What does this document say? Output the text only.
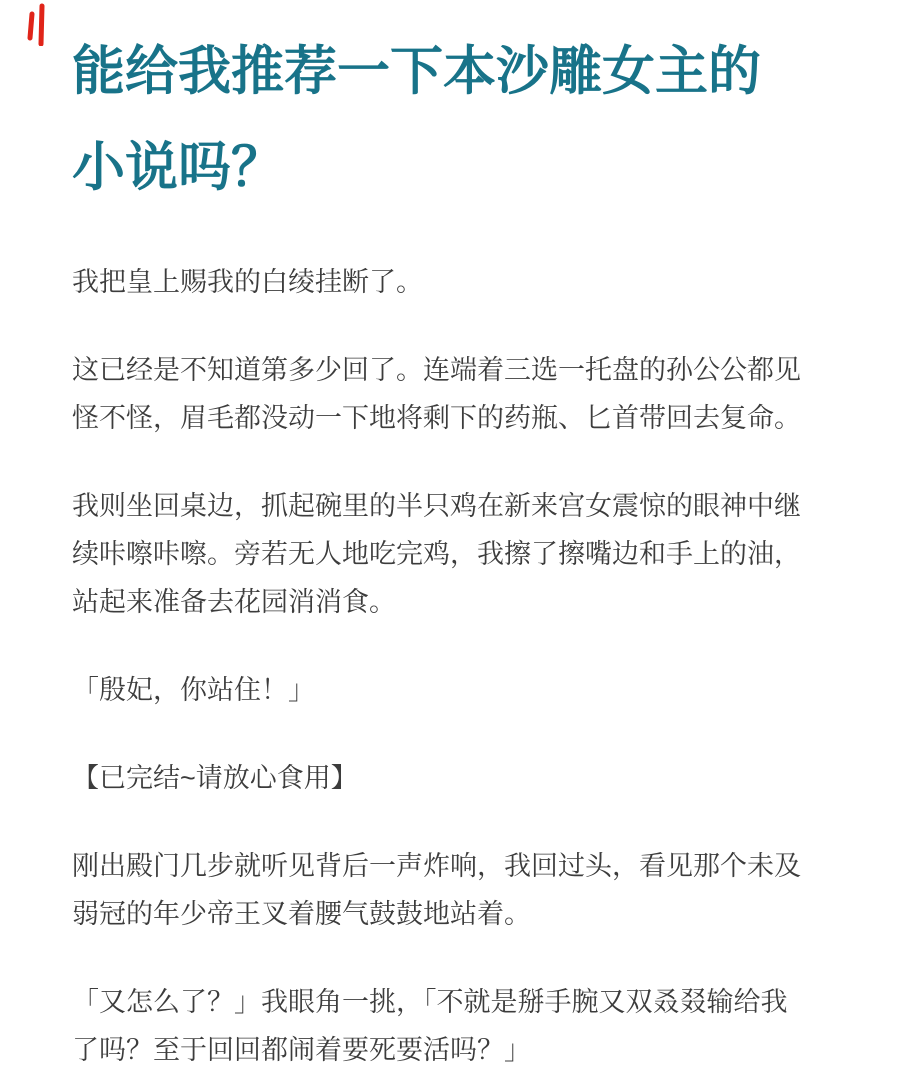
能给我推荐一下本沙雕女主的小说吗？

我把皇上赐我的白绫挂断了。

这已经是不知道第多少回了。连端着三选一托盘的孙公公都见怪不怪，眉毛都没动一下地将剩下的药瓶、匕首带回去复命。

我则坐回桌边，抓起碗里的半只鸡在新来宫女震惊的眼神中继续咔嚓咔嚓。旁若无人地吃完鸡，我擦了擦嘴边和手上的油，站起来准备去花园消消食。

「殷妃，你站住！」

【已完结~请放心食用】

刚出殿门几步就听见背后一声炸响，我回过头，看见那个未及弱冠的年少帝王叉着腰气鼓鼓地站着。

「又怎么了？」我眼角一挑，「不就是掰手腕又双叒叕输给我了吗？至于回回都闹着要死要活吗？」
